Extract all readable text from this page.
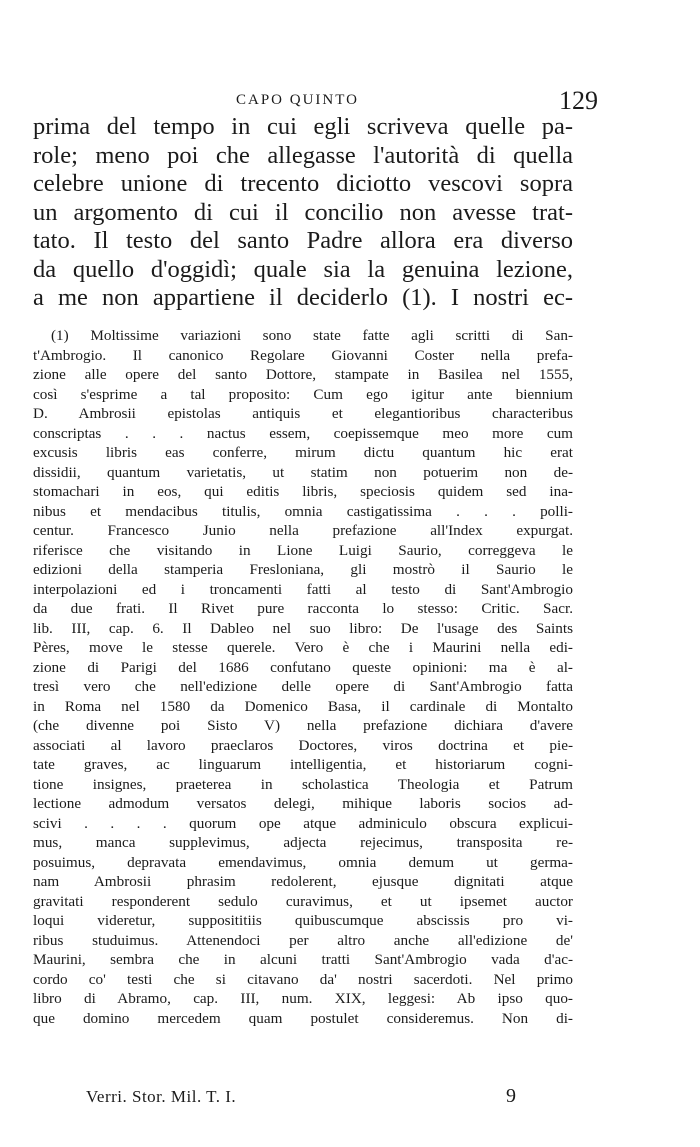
CAPO QUINTO	129
prima del tempo in cui egli scriveva quelle pa-
role; meno poi che allegasse l'autorità di quella
celebre unione di trecento diciotto vescovi sopra
un argomento di cui il concilio non avesse trat-
tato. Il testo del santo Padre allora era diverso
da quello d'oggidì; quale sia la genuina lezione,
a me non appartiene il deciderlo (1). I nostri ec-
(1) Moltissime variazioni sono state fatte agli scritti di San-
t'Ambrogio. Il canonico Regolare Giovanni Coster nella prefa-
zione alle opere del santo Dottore, stampate in Basilea nel 1555,
così s'esprime a tal proposito: Cum ego igitur ante biennium
D. Ambrosii epistolas antiquis et elegantioribus characteribus
conscriptas . . . nactus essem, coepissemque meo more cum
excusis libris eas conferre, mirum dictu quantum hic erat
dissidii, quantum varietatis, ut statim non potuerim non de-
stomachari in eos, qui editis libris, speciosis quidem sed ina-
nibus et mendacibus titulis, omnia castigatissima . . . polli-
centur. Francesco Junio nella prefazione all'Index expurgat.
riferisce che visitando in Lione Luigi Saurio, correggeva le
edizioni della stamperia Fresloniana, gli mostrò il Saurio le
interpolazioni ed i troncamenti fatti al testo di Sant'Ambrogio
da due frati. Il Rivet pure racconta lo stesso: Critic. Sacr.
lib. III, cap. 6. Il Dableo nel suo libro: De l'usage des Saints
Pères, move le stesse querele. Vero è che i Maurini nella edi-
zione di Parigi del 1686 confutano queste opinioni: ma è al-
tresì vero che nell'edizione delle opere di Sant'Ambrogio fatta
in Roma nel 1580 da Domenico Basa, il cardinale di Montalto
(che divenne poi Sisto V) nella prefazione dichiara d'avere
associati al lavoro praeclaros Doctores, viros doctrina et pie-
tate graves, ac linguarum intelligentia, et historiarum cogni-
tione insignes, praeterea in scholastica Theologia et Patrum
lectione admodum versatos delegi, mihique laboris socios ad-
scivi . . . . quorum ope atque adminiculo obscura explicui-
mus, manca supplevimus, adjecta rejecimus, transposita re-
posuimus, depravata emendavimus, omnia demum ut germa-
nam Ambrosii phrasim redolerent, ejusque dignitati atque
gravitati responderent sedulo curavimus, et ut ipsemet auctor
loqui videretur, supposititiis quibuscumque abscissis pro vi-
ribus studuimus. Attenendoci per altro anche all'edizione de'
Maurini, sembra che in alcuni tratti Sant'Ambrogio vada d'ac-
cordo co' testi che si citavano da' nostri sacerdoti. Nel primo
libro di Abramo, cap. III, num. XIX, leggesi: Ab ipso quo-
que domino mercedem quam postulet consideremus. Non di-
Verri. Stor. Mil. T. I.	9
